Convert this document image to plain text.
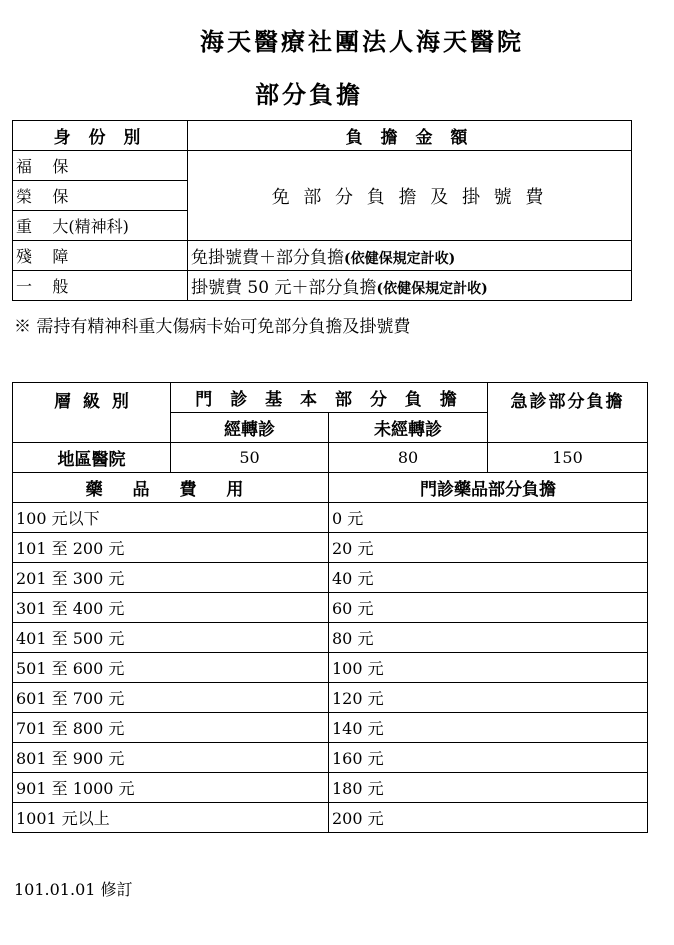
海天醫療社團法人海天醫院
部分負擔
身 份 別	負 擔 金 額
福    保	免 部 分 負 擔 及 掛 號 費
榮    保	
重    大(精神科)	
殘    障	免掛號費＋部分負擔(依健保規定計收)
一    般	掛號費 50 元＋部分負擔(依健保規定計收)
※ 需持有精神科重大傷病卡始可免部分負擔及掛號費
層  級  別	門 診 基 本 部 分 負 擔		急診部分負擔
	經轉診	未經轉診	
地區醫院	50	80	150
藥 品 費 用		門診藥品部分負擔	
100 元以下		0 元	
101 至 200 元		20 元	
201 至 300 元		40 元	
301 至 400 元		60 元	
401 至 500 元		80 元	
501 至 600 元		100 元	
601 至 700 元		120 元	
701 至 800 元		140 元	
801 至 900 元		160 元	
901 至 1000 元		180 元	
1001 元以上		200 元	
101.01.01 修訂
